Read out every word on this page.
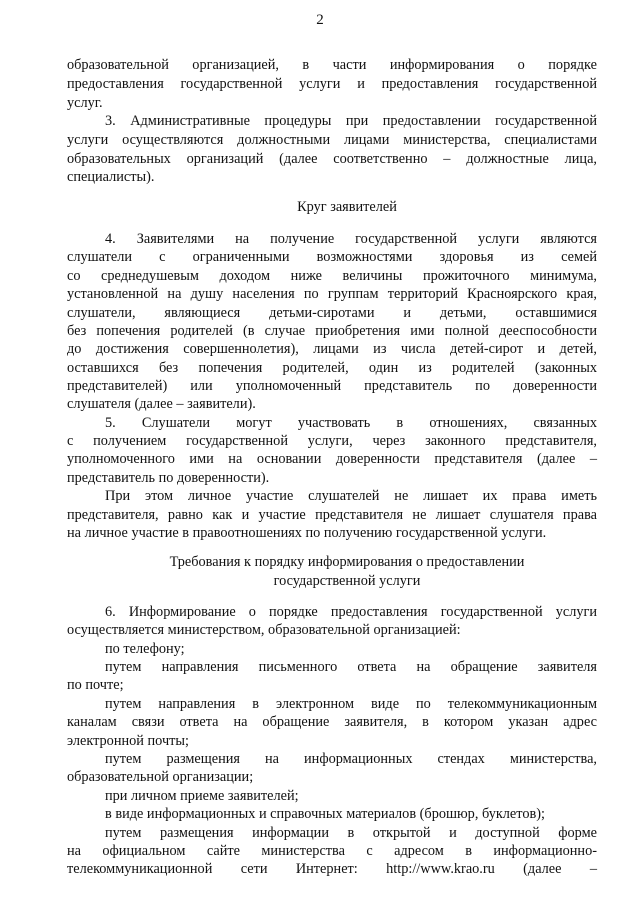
2
образовательной организацией, в части информирования о порядке
предоставления государственной услуги и предоставления государственной
услуг.
3. Административные процедуры при предоставлении государственной
услуги осуществляются должностными лицами министерства, специалистами
образовательных организаций (далее соответственно – должностные лица,
специалисты).
Круг заявителей
4. Заявителями на получение государственной услуги являются
слушатели с ограниченными возможностями здоровья из семей
со среднедушевым доходом ниже величины прожиточного минимума,
установленной на душу населения по группам территорий Красноярского края,
слушатели, являющиеся детьми-сиротами и детьми, оставшимися
без попечения родителей (в случае приобретения ими полной дееспособности
до достижения совершеннолетия), лицами из числа детей-сирот и детей,
оставшихся без попечения родителей, один из родителей (законных
представителей) или уполномоченный представитель по доверенности
слушателя (далее – заявители).
5. Слушатели могут участвовать в отношениях, связанных
с получением государственной услуги, через законного представителя,
уполномоченного ими на основании доверенности представителя (далее –
представитель по доверенности).
При этом личное участие слушателей не лишает их права иметь
представителя, равно как и участие представителя не лишает слушателя права
на личное участие в правоотношениях по получению государственной услуги.
Требования к порядку информирования о предоставлении
государственной услуги
6. Информирование о порядке предоставления государственной услуги
осуществляется министерством, образовательной организацией:
по телефону;
путем направления письменного ответа на обращение заявителя
по почте;
путем направления в электронном виде по телекоммуникационным
каналам связи ответа на обращение заявителя, в котором указан адрес
электронной почты;
путем размещения на информационных стендах министерства,
образовательной организации;
при личном приеме заявителей;
в виде информационных и справочных материалов (брошюр, буклетов);
путем размещения информации в открытой и доступной форме
на официальном сайте министерства с адресом в информационно-
телекоммуникационной сети Интернет: http://www.krao.ru (далее –
